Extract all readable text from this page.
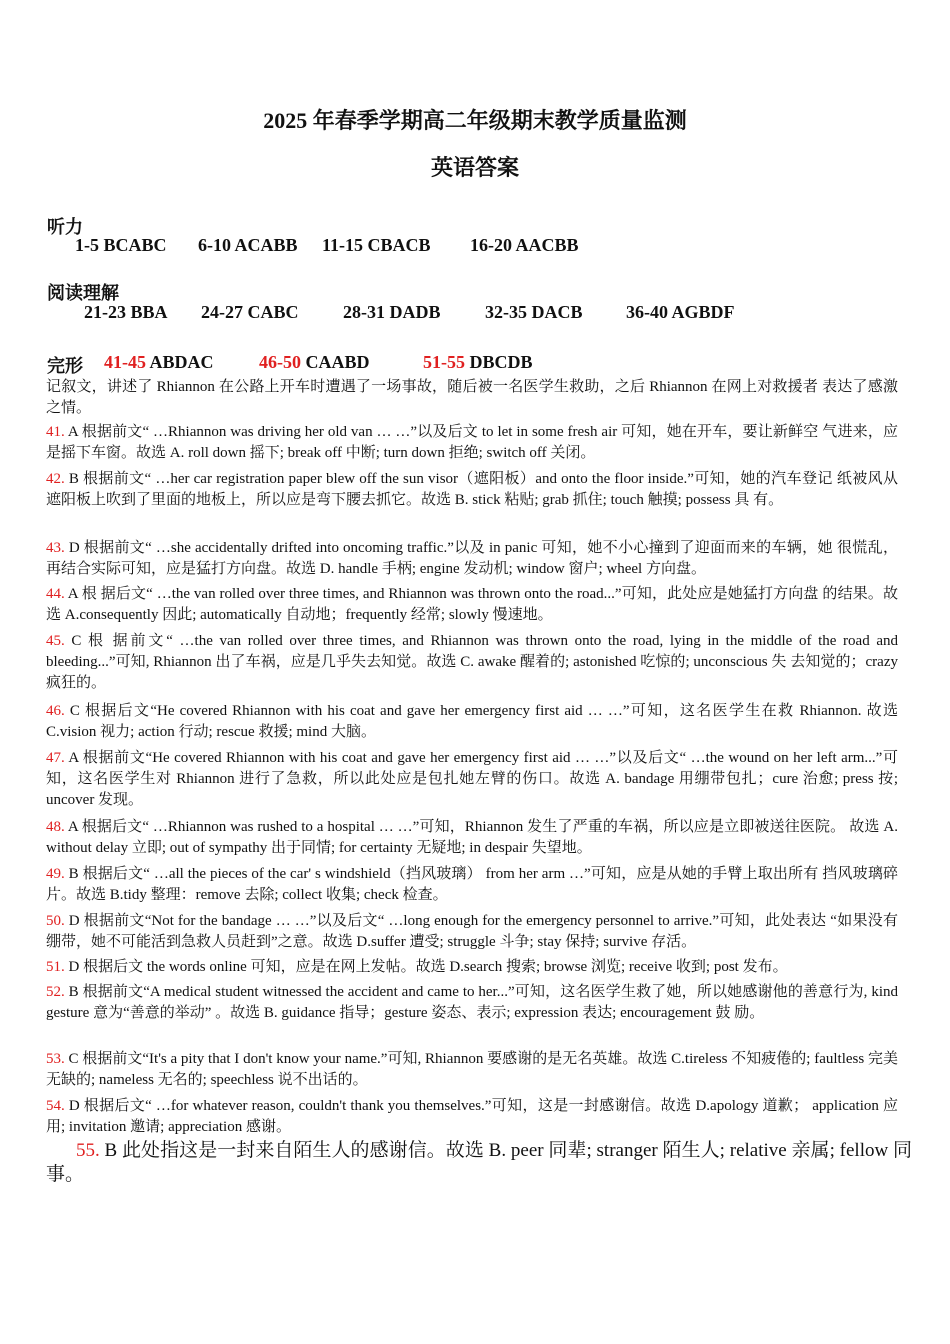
2025 年春季学期高二年级期末教学质量监测
英语答案
听力
1-5 BCABC 6-10 ACABB 11-15 CBACB 16-20 AACBB
阅读理解
21-23 BBA 24-27 CABC 28-31 DADB 32-35 DACB 36-40 AGBDF
完形 41-45 ABDAC	46-50 CAABD	51-55 DBCDB
记叙文，讲述了 Rhiannon 在公路上开车时遭遇了一场事故，随后被一名医学生救助，之后 Rhiannon 在网上对救援者 表达了感激之情。
41. A 根据前文“ …Rhiannon was driving her old van … …”以及后文 to let in some fresh air 可知，她在开车，要让新鲜空 气进来，应是摇下车窗。故选 A. roll down 摇下; break off 中断; turn down 拒绝; switch off 关闭。
42. B 根据前文“ …her car registration paper blew off the sun visor（遮阳板）and onto the floor inside.”可知，她的汽车登记 纸被风从遮阳板上吹到了里面的地板上，所以应是弯下腰去抓它。故选 B. stick 粘贴; grab 抓住; touch 触摸; possess 具 有。
43. D 根据前文“ …she accidentally drifted into oncoming traffic.”以及 in panic 可知，她不小心撞到了迎面而来的车辆，她 很慌乱，再结合实际可知，应是猛打方向盘。故选 D. handle 手柄; engine 发动机; window 窗户; wheel 方向盘。
44. A 根 据后文“ …the van rolled over three times, and Rhiannon was thrown onto the road...”可知，此处应是她猛打方向盘 的结果。故选 A.consequently 因此; automatically 自动地；frequently 经常; slowly 慢速地。
45. C 根 据前文“ …the van rolled over three times, and Rhiannon was thrown onto the road, lying in the middle of the road and bleeding...”可知, Rhiannon 出了车祸，应是几乎失去知觉。故选 C. awake 醒着的; astonished 吃惊的; unconscious 失 去知觉的；crazy 疯狂的。
46. C 根据后文“He covered Rhiannon with his coat and gave her emergency first aid … …”可知，这名医学生在救 Rhiannon. 故选 C.vision 视力; action 行动; rescue 救援; mind 大脑。
47. A 根据前文“He covered Rhiannon with his coat and gave her emergency first aid … …”以及后文“ …the wound on her left arm...”可知，这名医学生对 Rhiannon 进行了急救，所以此处应是包扎她左臂的伤口。故选 A. bandage 用绷带包扎；cure 治愈; press 按; uncover 发现。
48. A 根据后文“ …Rhiannon was rushed to a hospital … …”可知，Rhiannon 发生了严重的车祸，所以应是立即被送往医院。 故选 A. without delay 立即; out of sympathy 出于同情; for certainty 无疑地; in despair 失望地。
49. B 根据后文“ …all the pieces of the car' s windshield（挡风玻璃） from her arm …”可知，应是从她的手臂上取出所有 挡风玻璃碎片。故选 B.tidy 整理：remove 去除; collect 收集; check 检查。
50. D 根据前文“Not for the bandage … …”以及后文“ …long enough for the emergency personnel to arrive.”可知，此处表达 “如果没有绷带，她不可能活到急救人员赶到”之意。故选 D.suffer 遭受; struggle 斗争; stay 保持; survive 存活。
51. D 根据后文 the words online 可知，应是在网上发帖。故选 D.search 搜索; browse 浏览; receive 收到; post 发布。
52. B 根据前文“A medical student witnessed the accident and came to her...”可知，这名医学生救了她，所以她感谢他的善意行为, kind gesture 意为“善意的举动” 。故选 B. guidance 指导；gesture 姿态、表示; expression 表达; encouragement 鼓 励。
53. C 根据前文“It's a pity that I don't know your name.”可知, Rhiannon 要感谢的是无名英雄。故选 C.tireless 不知疲倦的; faultless 完美无缺的; nameless 无名的; speechless 说不出话的。
54. D 根据后文“ …for whatever reason, couldn't thank you themselves.”可知，这是一封感谢信。故选 D.apology 道歉； application 应用; invitation 邀请; appreciation 感谢。
55. B 此处指这是一封来自陌生人的感谢信。故选 B. peer 同辈; stranger 陌生人; relative 亲属; fellow 同事。
